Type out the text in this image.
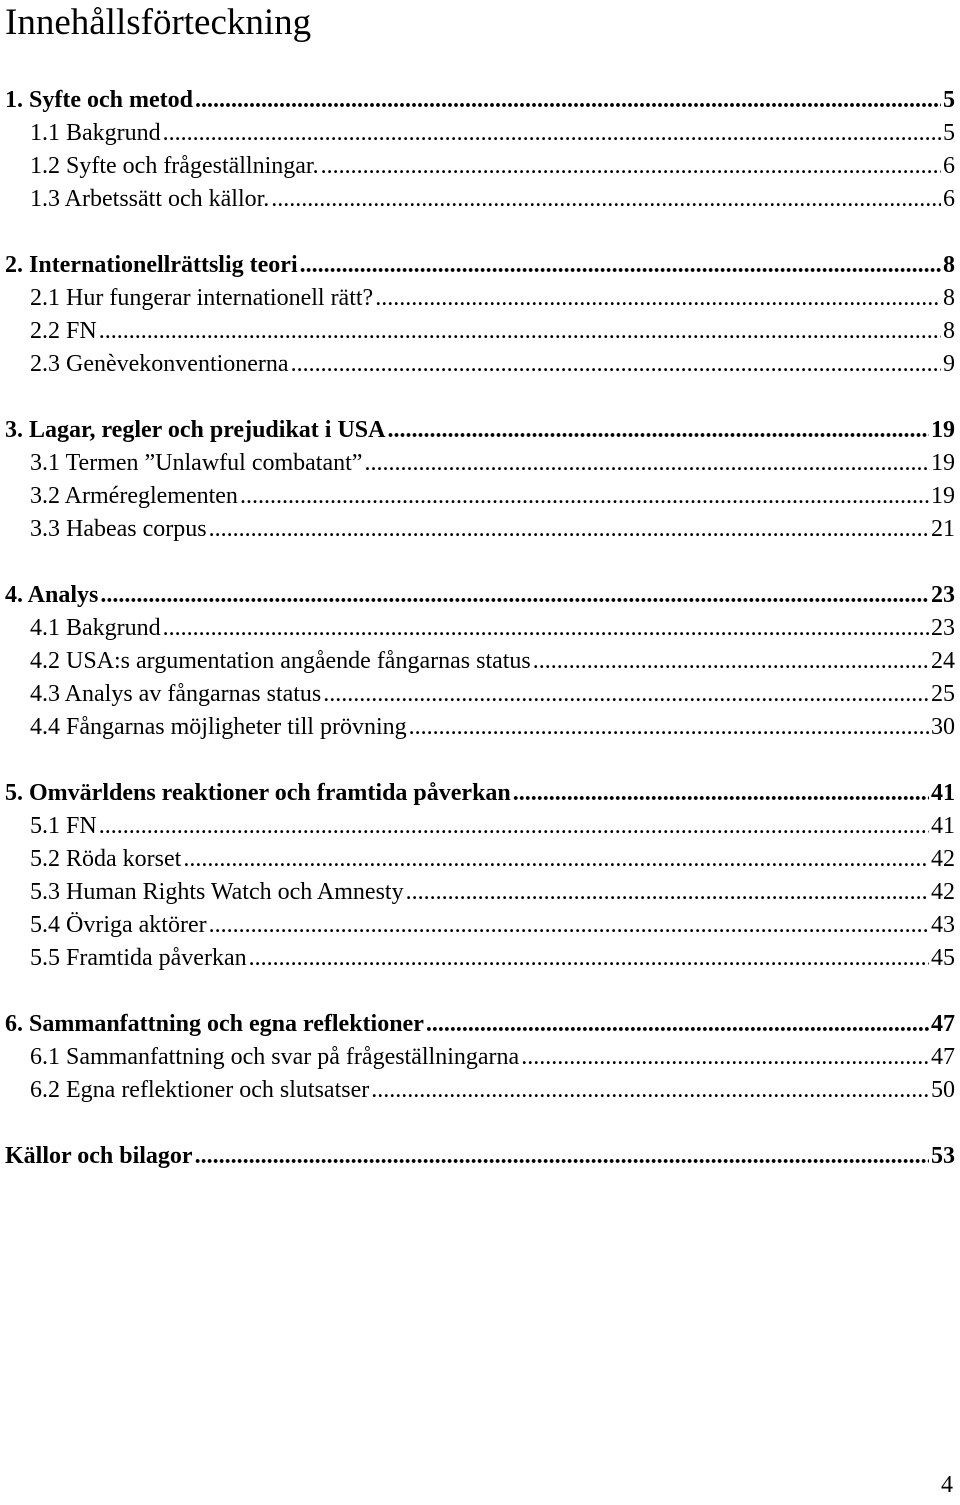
Innehållsförteckning
1. Syfte och metod .....	5
1.1 Bakgrund .....	5
1.2 Syfte och frågeställningar. .....	6
1.3 Arbetssätt och källor. .....	6
2. Internationellrättslig teori .....	8
2.1 Hur fungerar internationell rätt? .....	8
2.2 FN .....	8
2.3 Genèvekonventionerna .....	9
3. Lagar, regler och prejudikat i USA .....	19
3.1 Termen ”Unlawful combatant” .....	19
3.2 Arméreglementen .....	19
3.3 Habeas corpus .....	21
4. Analys .....	23
4.1 Bakgrund .....	23
4.2 USA:s argumentation angående fångarnas status .....	24
4.3 Analys av fångarnas status .....	25
4.4 Fångarnas möjligheter till prövning .....	30
5. Omvärldens reaktioner och framtida påverkan .....	41
5.1 FN .....	41
5.2 Röda korset .....	42
5.3 Human Rights Watch och Amnesty .....	42
5.4 Övriga aktörer .....	43
5.5 Framtida påverkan .....	45
6. Sammanfattning och egna reflektioner .....	47
6.1 Sammanfattning och svar på frågeställningarna .....	47
6.2 Egna reflektioner och slutsatser .....	50
Källor och bilagor .....	53
4
